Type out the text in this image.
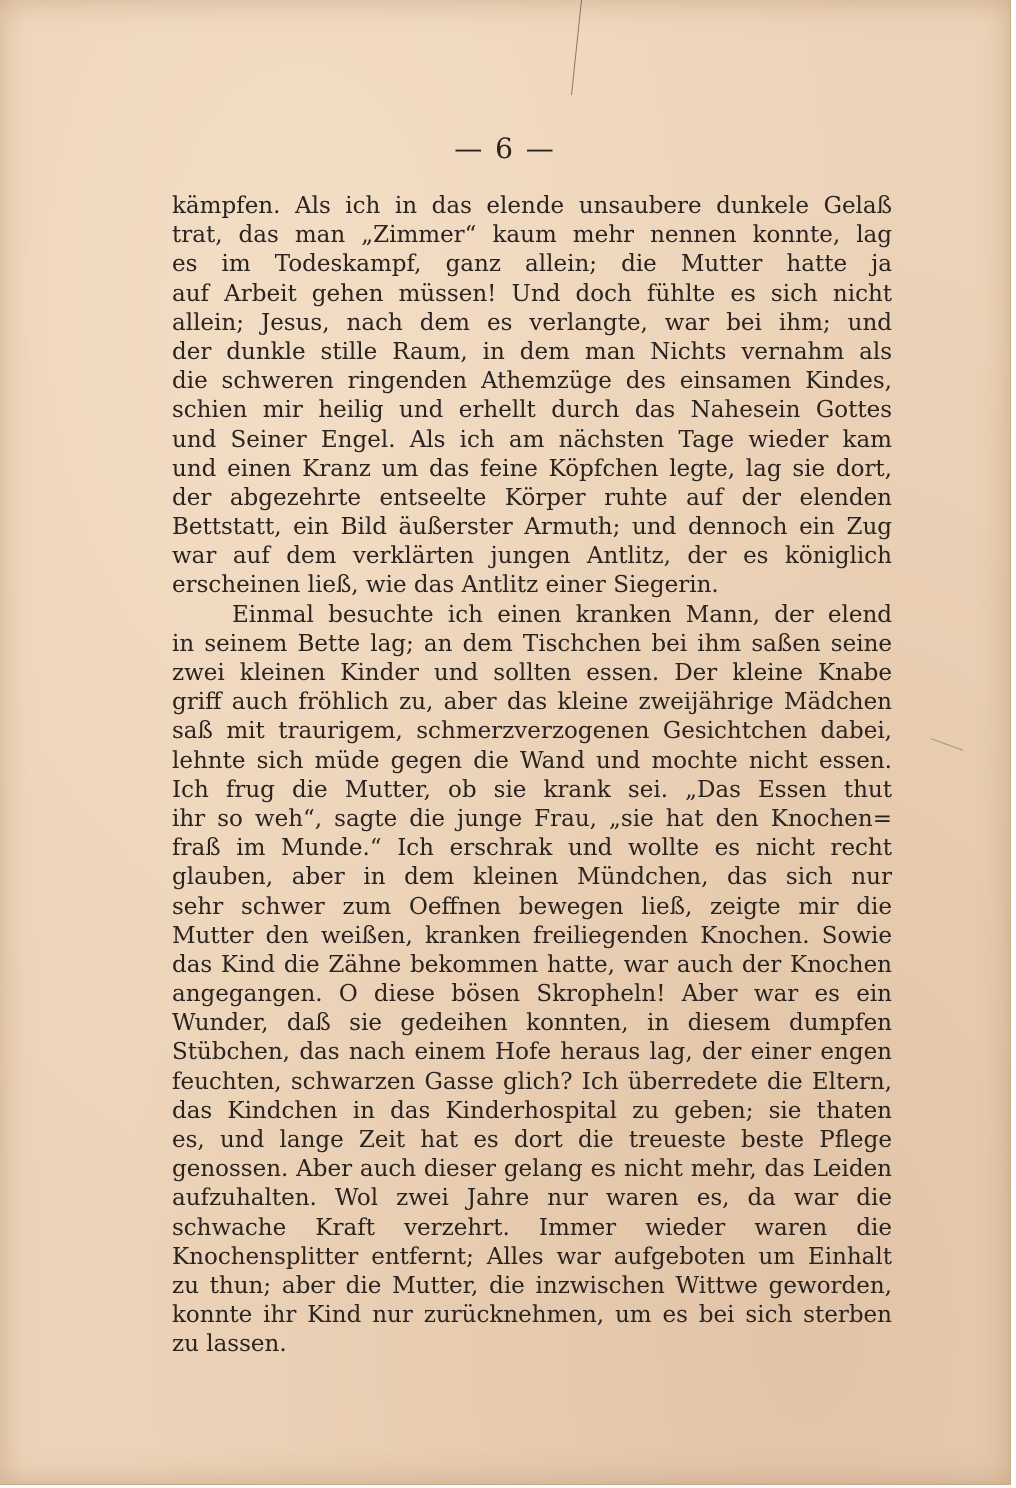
— 6 —
kämpfen. Als ich in das elende unsaubere dunkele Gelaß
trat, das man „Zimmer“ kaum mehr nennen konnte, lag
es im Todeskampf, ganz allein; die Mutter hatte ja
auf Arbeit gehen müssen! Und doch fühlte es sich nicht
allein; Jesus, nach dem es verlangte, war bei ihm; und
der dunkle stille Raum, in dem man Nichts vernahm als
die schweren ringenden Athemzüge des einsamen Kindes,
schien mir heilig und erhellt durch das Nahesein Gottes
und Seiner Engel. Als ich am nächsten Tage wieder kam
und einen Kranz um das feine Köpfchen legte, lag sie dort,
der abgezehrte entseelte Körper ruhte auf der elenden
Bettstatt, ein Bild äußerster Armuth; und dennoch ein Zug
war auf dem verklärten jungen Antlitz, der es königlich
erscheinen ließ, wie das Antlitz einer Siegerin.
Einmal besuchte ich einen kranken Mann, der elend
in seinem Bette lag; an dem Tischchen bei ihm saßen seine
zwei kleinen Kinder und sollten essen. Der kleine Knabe
griff auch fröhlich zu, aber das kleine zweijährige Mädchen
saß mit traurigem, schmerzverzogenen Gesichtchen dabei,
lehnte sich müde gegen die Wand und mochte nicht essen.
Ich frug die Mutter, ob sie krank sei. „Das Essen thut
ihr so weh“, sagte die junge Frau, „sie hat den Knochen=
fraß im Munde.“ Ich erschrak und wollte es nicht recht
glauben, aber in dem kleinen Mündchen, das sich nur
sehr schwer zum Oeffnen bewegen ließ, zeigte mir die
Mutter den weißen, kranken freiliegenden Knochen. Sowie
das Kind die Zähne bekommen hatte, war auch der Knochen
angegangen. O diese bösen Skropheln! Aber war es ein
Wunder, daß sie gedeihen konnten, in diesem dumpfen
Stübchen, das nach einem Hofe heraus lag, der einer engen
feuchten, schwarzen Gasse glich? Ich überredete die Eltern,
das Kindchen in das Kinderhospital zu geben; sie thaten
es, und lange Zeit hat es dort die treueste beste Pflege
genossen. Aber auch dieser gelang es nicht mehr, das Leiden
aufzuhalten. Wol zwei Jahre nur waren es, da war die
schwache Kraft verzehrt. Immer wieder waren die
Knochensplitter entfernt; Alles war aufgeboten um Einhalt
zu thun; aber die Mutter, die inzwischen Wittwe geworden,
konnte ihr Kind nur zurücknehmen, um es bei sich sterben
zu lassen.
